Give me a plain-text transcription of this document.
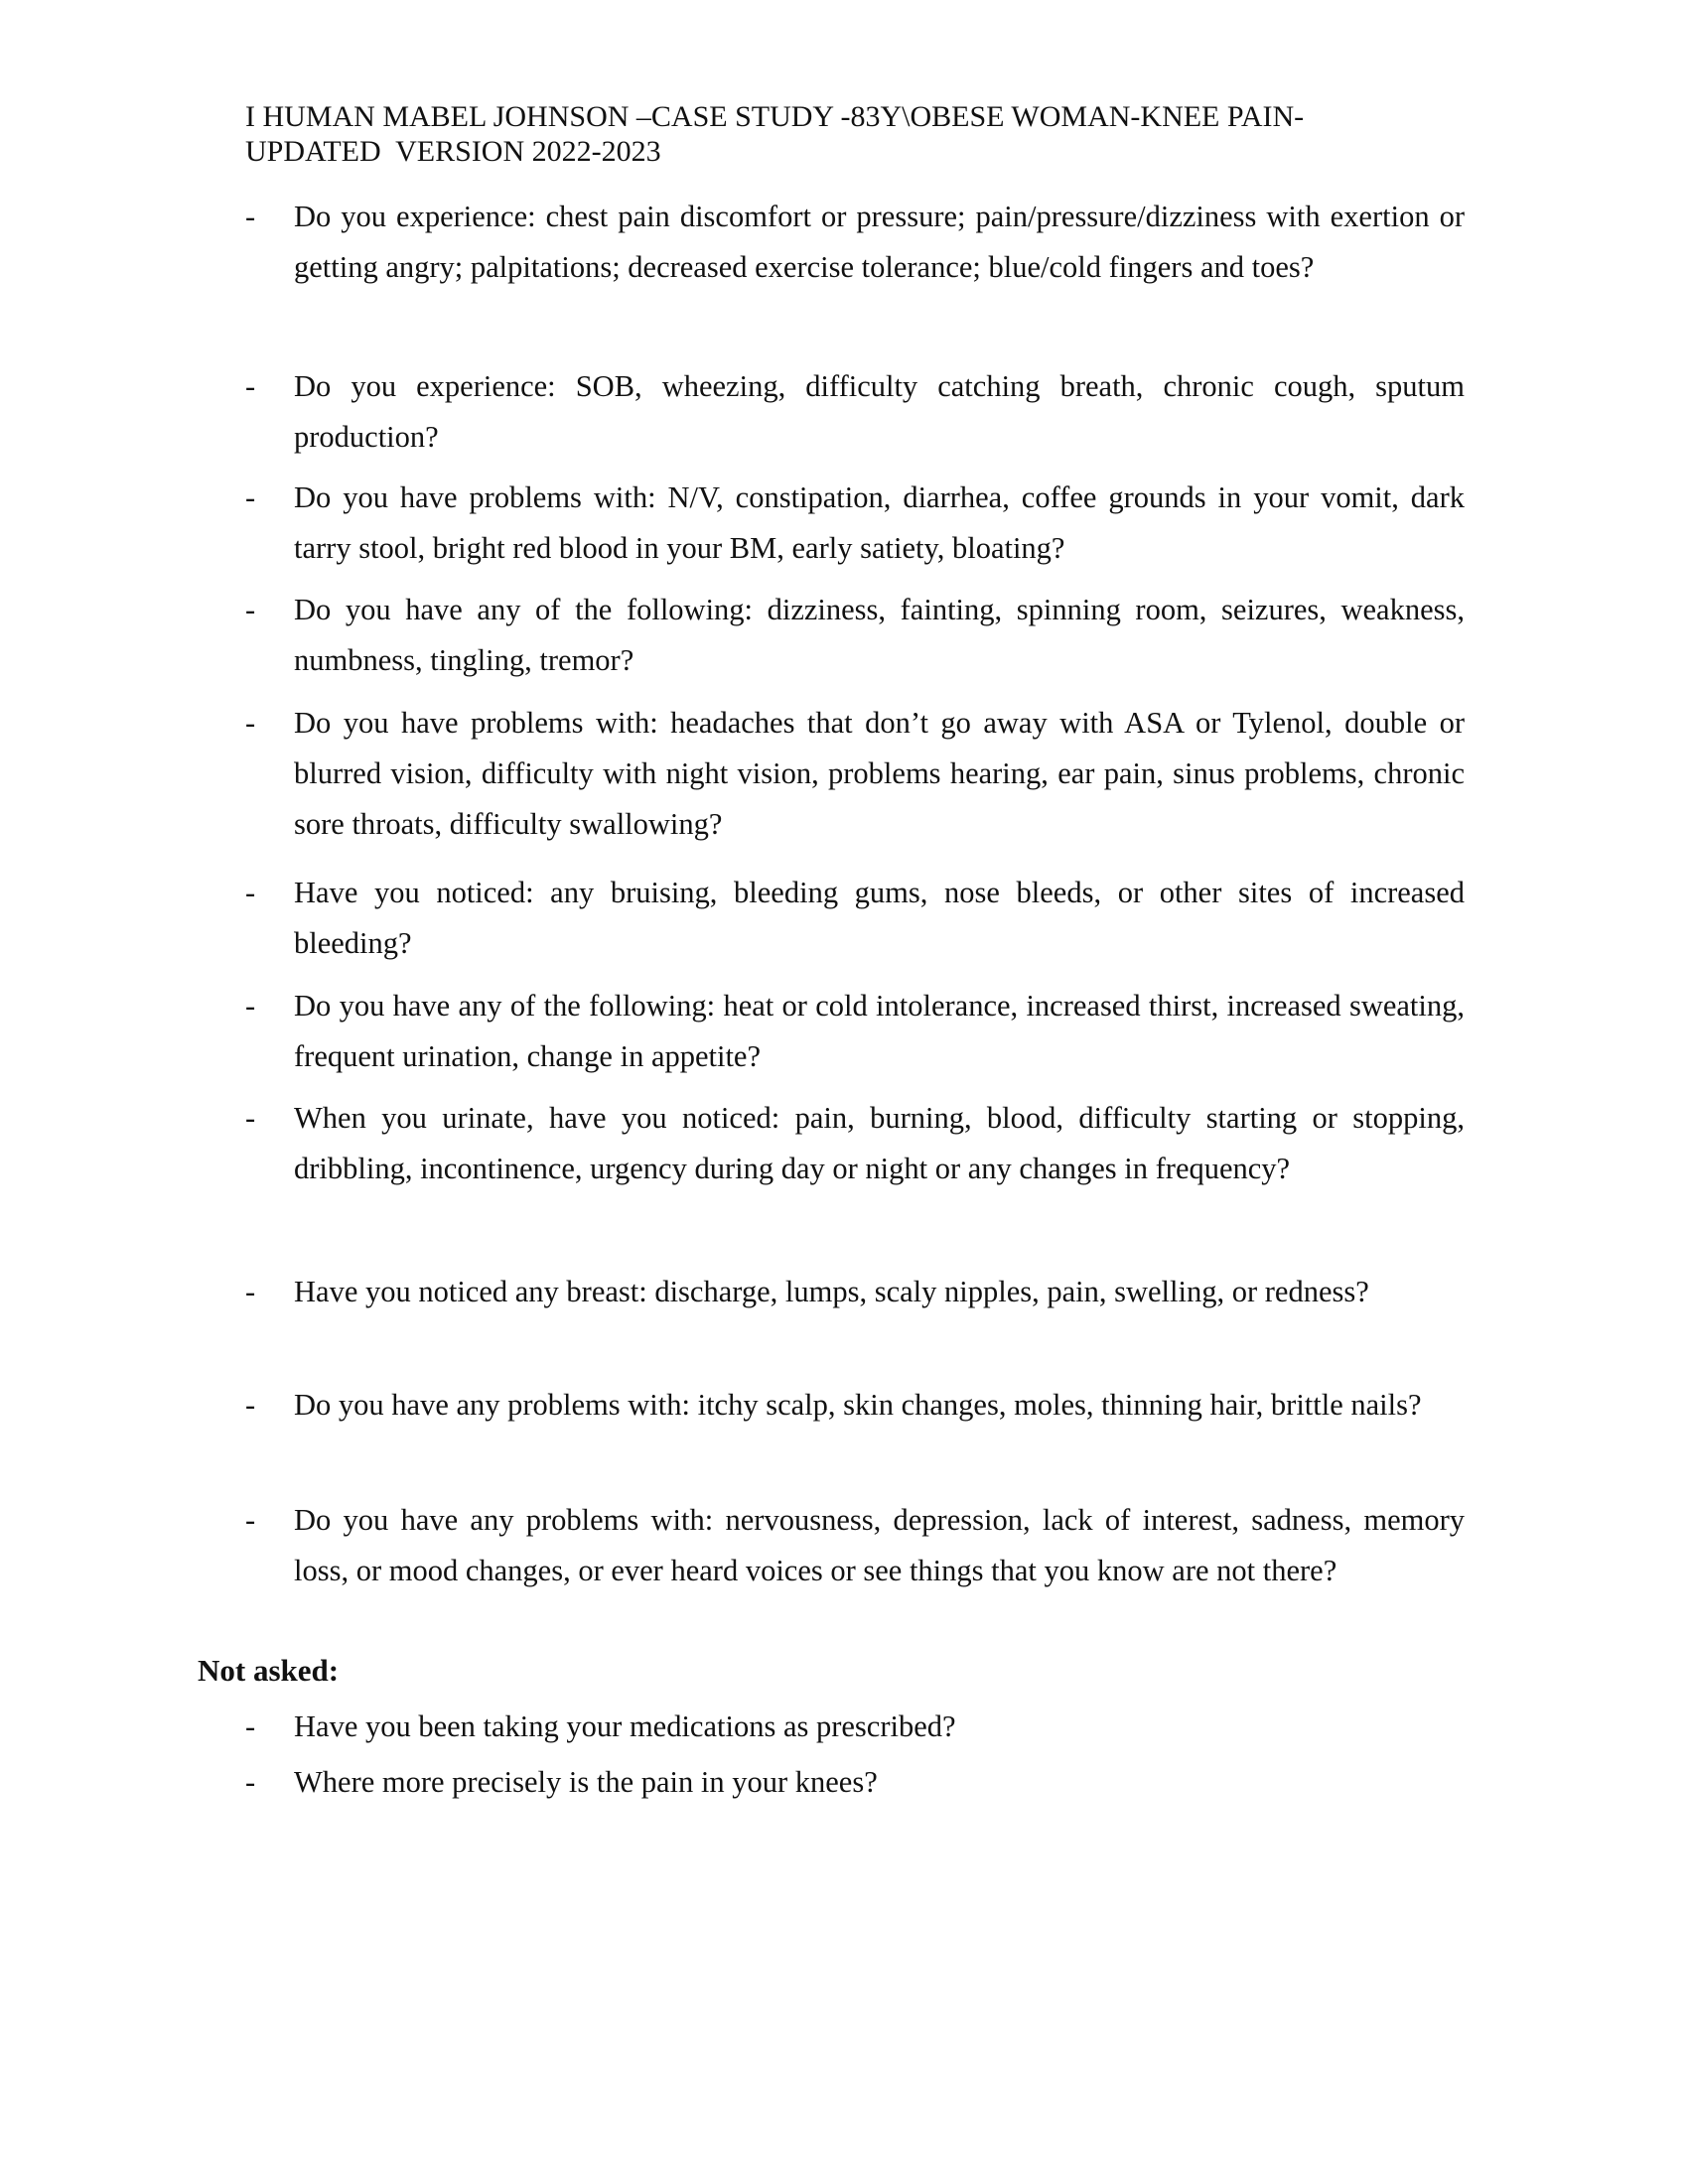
I HUMAN MABEL JOHNSON –CASE STUDY -83Y\OBESE WOMAN-KNEE PAIN-
UPDATED  VERSION 2022-2023
-	Do you experience: chest pain discomfort or pressure; pain/pressure/dizziness with exertion or getting angry; palpitations; decreased exercise tolerance; blue/cold fingers and toes?
-	Do you experience: SOB, wheezing, difficulty catching breath, chronic cough, sputum production?
-	Do you have problems with: N/V, constipation, diarrhea, coffee grounds in your vomit, dark tarry stool, bright red blood in your BM, early satiety, bloating?
-	Do you have any of the following: dizziness, fainting, spinning room, seizures, weakness, numbness, tingling, tremor?
-	Do you have problems with: headaches that don’t go away with ASA or Tylenol, double or blurred vision, difficulty with night vision, problems hearing, ear pain, sinus problems, chronic sore throats, difficulty swallowing?
-	Have you noticed: any bruising, bleeding gums, nose bleeds, or other sites of increased bleeding?
-	Do you have any of the following: heat or cold intolerance, increased thirst, increased sweating, frequent urination, change in appetite?
-	When you urinate, have you noticed: pain, burning, blood, difficulty starting or stopping, dribbling, incontinence, urgency during day or night or any changes in frequency?
-	Have you noticed any breast: discharge, lumps, scaly nipples, pain, swelling, or redness?
-	Do you have any problems with: itchy scalp, skin changes, moles, thinning hair, brittle nails?
-	Do you have any problems with: nervousness, depression, lack of interest, sadness, memory loss, or mood changes, or ever heard voices or see things that you know are not there?
Not asked:
-	Have you been taking your medications as prescribed?
-	Where more precisely is the pain in your knees?
